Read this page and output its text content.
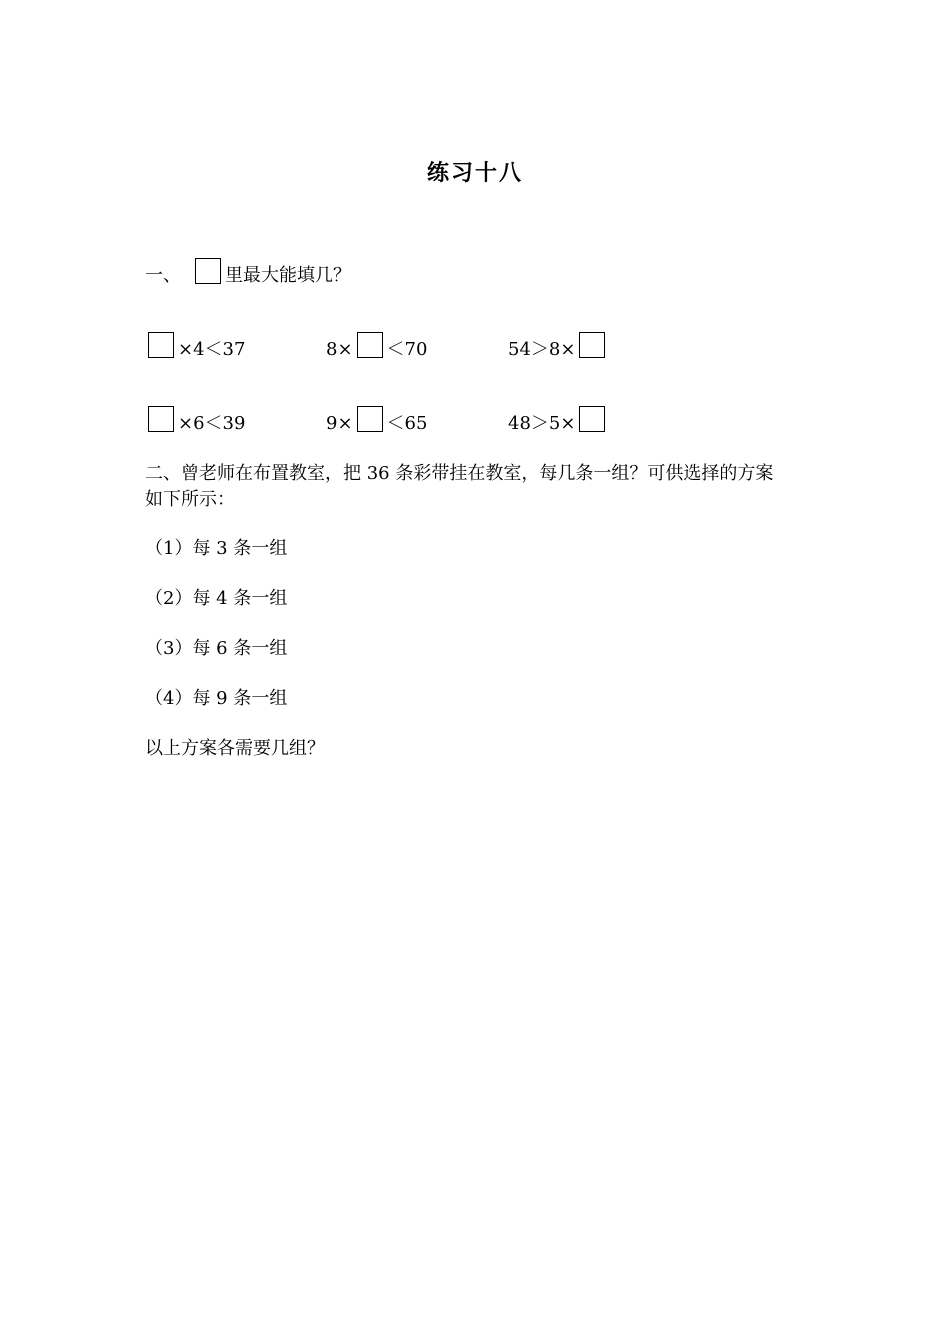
练习十八
一、 里最大能填几？
×4＜37	8× ＜70	54＞8×
×6＜39	9× ＜65	48＞5×
二、曾老师在布置教室，把 36 条彩带挂在教室，每几条一组？可供选择的方案
如下所示：
（1）每 3 条一组
（2）每 4 条一组
（3）每 6 条一组
（4）每 9 条一组
以上方案各需要几组？
